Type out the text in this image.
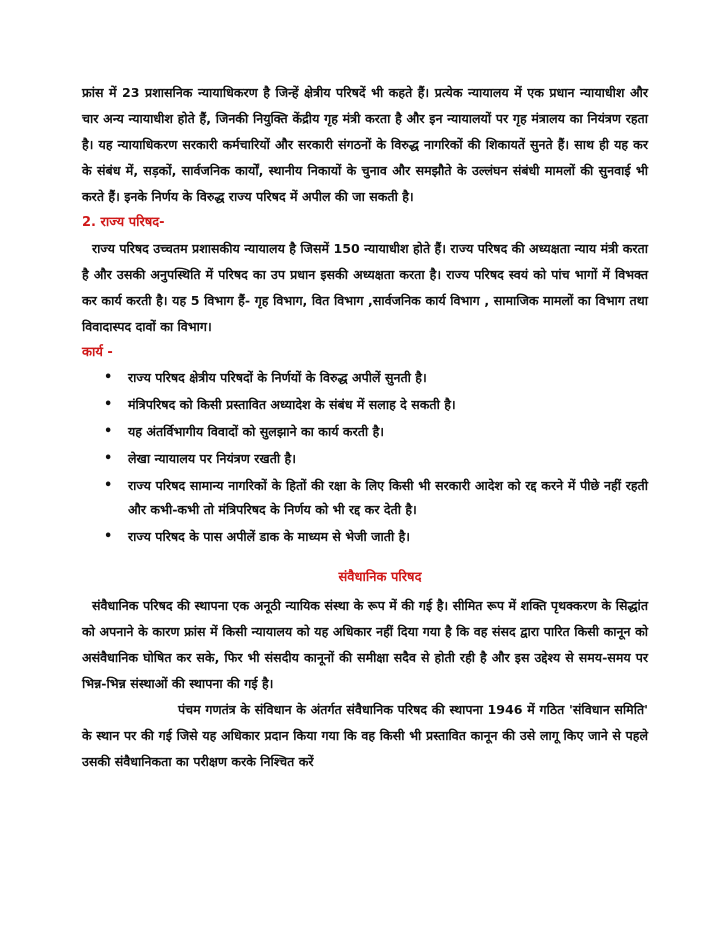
फ्रांस में 23 प्रशासनिक न्यायाधिकरण है जिन्हें क्षेत्रीय परिषदें भी कहते हैं। प्रत्येक न्यायालय में एक प्रधान न्यायाधीश और चार अन्य न्यायाधीश होते हैं, जिनकी नियुक्ति केंद्रीय गृह मंत्री करता है और इन न्यायालयों पर गृह मंत्रालय का नियंत्रण रहता है। यह न्यायाधिकरण सरकारी कर्मचारियों और सरकारी संगठनों के विरुद्ध नागरिकों की शिकायतें सुनते हैं। साथ ही यह कर के संबंध में, सड़कों, सार्वजनिक कार्यों, स्थानीय निकायों के चुनाव और समझौते के उल्लंघन संबंधी मामलों की सुनवाई भी करते हैं। इनके निर्णय के विरुद्ध राज्य परिषद में अपील की जा सकती है।

2. राज्य परिषद-

राज्य परिषद उच्चतम प्रशासकीय न्यायालय है जिसमें 150 न्यायाधीश होते हैं। राज्य परिषद की अध्यक्षता न्याय मंत्री करता है और उसकी अनुपस्थिति में परिषद का उप प्रधान इसकी अध्यक्षता करता है। राज्य परिषद स्वयं को पांच भागों में विभक्त कर कार्य करती है। यह 5 विभाग हैं- गृह विभाग, वित विभाग ,सार्वजनिक कार्य विभाग , सामाजिक मामलों का विभाग तथा विवादास्पद दावों का विभाग।

कार्य -
• राज्य परिषद क्षेत्रीय परिषदों के निर्णयों के विरुद्ध अपीलें सुनती है।
• मंत्रिपरिषद को किसी प्रस्तावित अध्यादेश के संबंध में सलाह दे सकती है।
• यह अंतर्विभागीय विवादों को सुलझाने का कार्य करती है।
• लेखा न्यायालय पर नियंत्रण रखती है।
• राज्य परिषद सामान्य नागरिकों के हितों की रक्षा के लिए किसी भी सरकारी आदेश को रद्द करने में पीछे नहीं रहती और कभी-कभी तो मंत्रिपरिषद के निर्णय को भी रद्द कर देती है।
• राज्य परिषद के पास अपीलें डाक के माध्यम से भेजी जाती है।
संवैधानिक परिषद

संवैधानिक परिषद की स्थापना एक अनूठी न्यायिक संस्था के रूप में की गई है। सीमित रूप में शक्ति पृथक्करण के सिद्धांत को अपनाने के कारण फ्रांस में किसी न्यायालय को यह अधिकार नहीं दिया गया है कि वह संसद द्वारा पारित किसी कानून को असंवैधानिक घोषित कर सके, फिर भी संसदीय कानूनों की समीक्षा सदैव से होती रही है और इस उद्देश्य से समय-समय पर भिन्न-भिन्न संस्थाओं की स्थापना की गई है।

पंचम गणतंत्र के संविधान के अंतर्गत संवैधानिक परिषद की स्थापना 1946 में गठित 'संविधान समिति' के स्थान पर की गई जिसे यह अधिकार प्रदान किया गया कि वह किसी भी प्रस्तावित कानून की उसे लागू किए जाने से पहले उसकी संवैधानिकता का परीक्षण करके निश्चित करें
